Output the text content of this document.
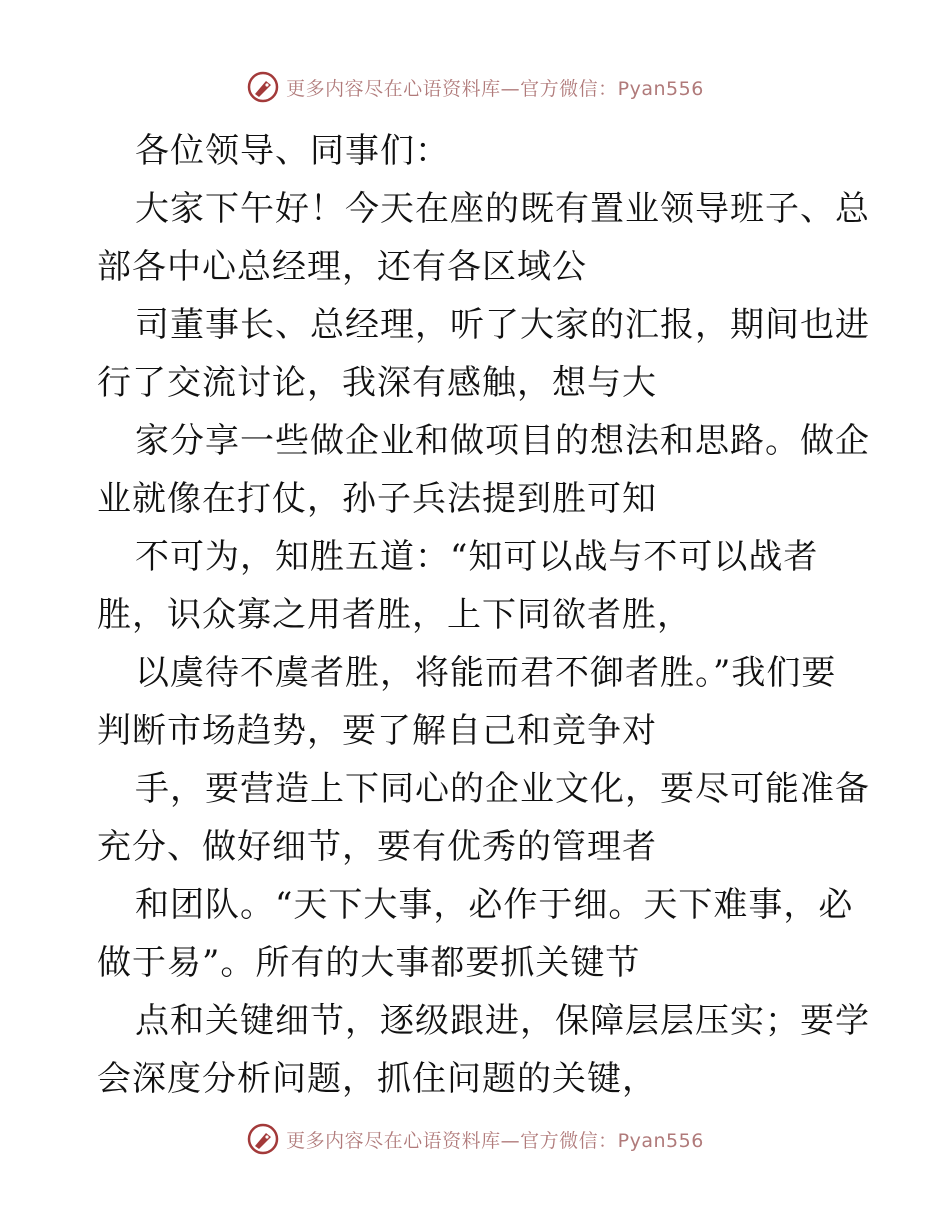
更多内容尽在心语资料库—官方微信：Pyan556
各位领导、同事们：
大家下午好！今天在座的既有置业领导班子、总
部各中心总经理，还有各区域公
司董事长、总经理，听了大家的汇报，期间也进
行了交流讨论，我深有感触，想与大
家分享一些做企业和做项目的想法和思路。做企
业就像在打仗，孙子兵法提到胜可知
不可为，知胜五道：“知可以战与不可以战者
胜，识众寡之用者胜，上下同欲者胜，
以虞待不虞者胜，将能而君不御者胜。”我们要
判断市场趋势，要了解自己和竞争对
手，要营造上下同心的企业文化，要尽可能准备
充分、做好细节，要有优秀的管理者
和团队。“天下大事，必作于细。天下难事，必
做于易”。所有的大事都要抓关键节
点和关键细节，逐级跟进，保障层层压实；要学
会深度分析问题，抓住问题的关键，
更多内容尽在心语资料库—官方微信：Pyan556
